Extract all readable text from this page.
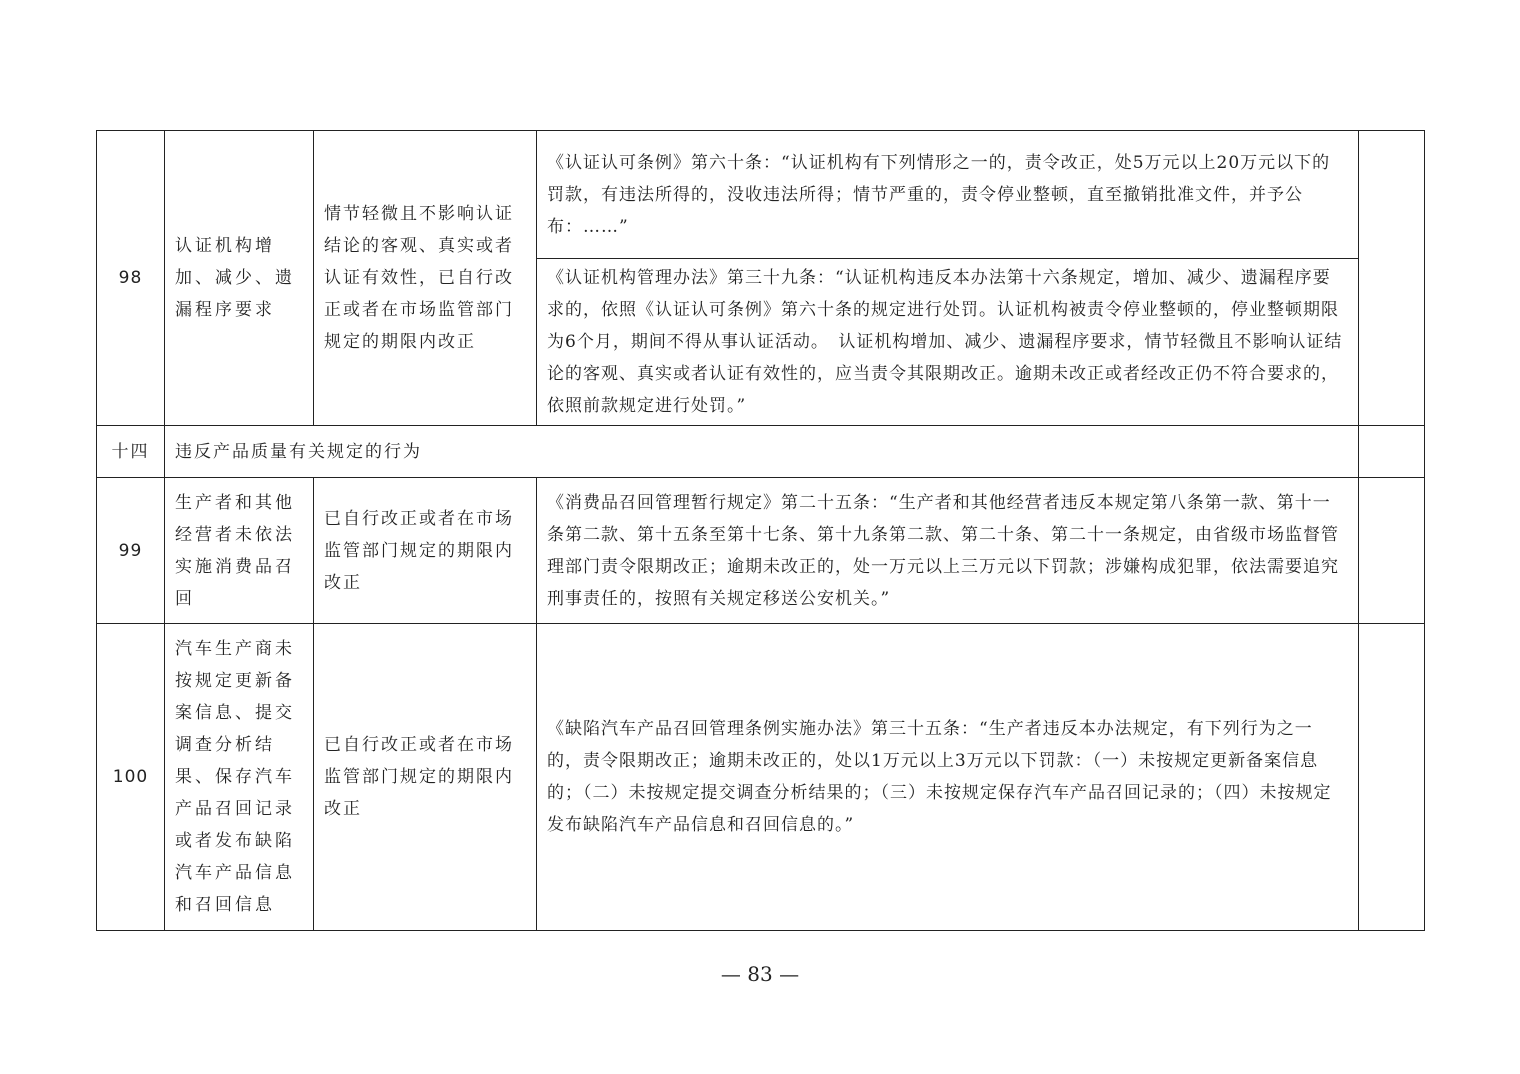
98	认证机构增加、减少、遗漏程序要求	情节轻微且不影响认证结论的客观、真实或者认证有效性，已自行改正或者在市场监管部门规定的期限内改正	《认证认可条例》第六十条：“认证机构有下列情形之一的，责令改正，处5万元以上20万元以下的罚款，有违法所得的，没收违法所得；情节严重的，责令停业整顿，直至撤销批准文件，并予公布：……”	

			《认证机构管理办法》第三十九条：“认证机构违反本办法第十六条规定，增加、减少、遗漏程序要求的，依照《认证认可条例》第六十条的规定进行处罚。认证机构被责令停业整顿的，停业整顿期限为6个月，期间不得从事认证活动。　认证机构增加、减少、遗漏程序要求，情节轻微且不影响认证结论的客观、真实或者认证有效性的，应当责令其限期改正。逾期未改正或者经改正仍不符合要求的，依照前款规定进行处罚。”	

十四	违反产品质量有关规定的行为			

99	生产者和其他经营者未依法实施消费品召回	已自行改正或者在市场监管部门规定的期限内改正	《消费品召回管理暂行规定》第二十五条：“生产者和其他经营者违反本规定第八条第一款、第十一条第二款、第十五条至第十七条、第十九条第二款、第二十条、第二十一条规定，由省级市场监督管理部门责令限期改正；逾期未改正的，处一万元以上三万元以下罚款；涉嫌构成犯罪，依法需要追究刑事责任的，按照有关规定移送公安机关。”	

100	汽车生产商未按规定更新备案信息、提交调查分析结果、保存汽车产品召回记录或者发布缺陷汽车产品信息和召回信息	已自行改正或者在市场监管部门规定的期限内改正	《缺陷汽车产品召回管理条例实施办法》第三十五条：“生产者违反本办法规定，有下列行为之一的，责令限期改正；逾期未改正的，处以1万元以上3万元以下罚款：（一）未按规定更新备案信息的；（二）未按规定提交调查分析结果的；（三）未按规定保存汽车产品召回记录的；（四）未按规定发布缺陷汽车产品信息和召回信息的。”	

— 83 —
